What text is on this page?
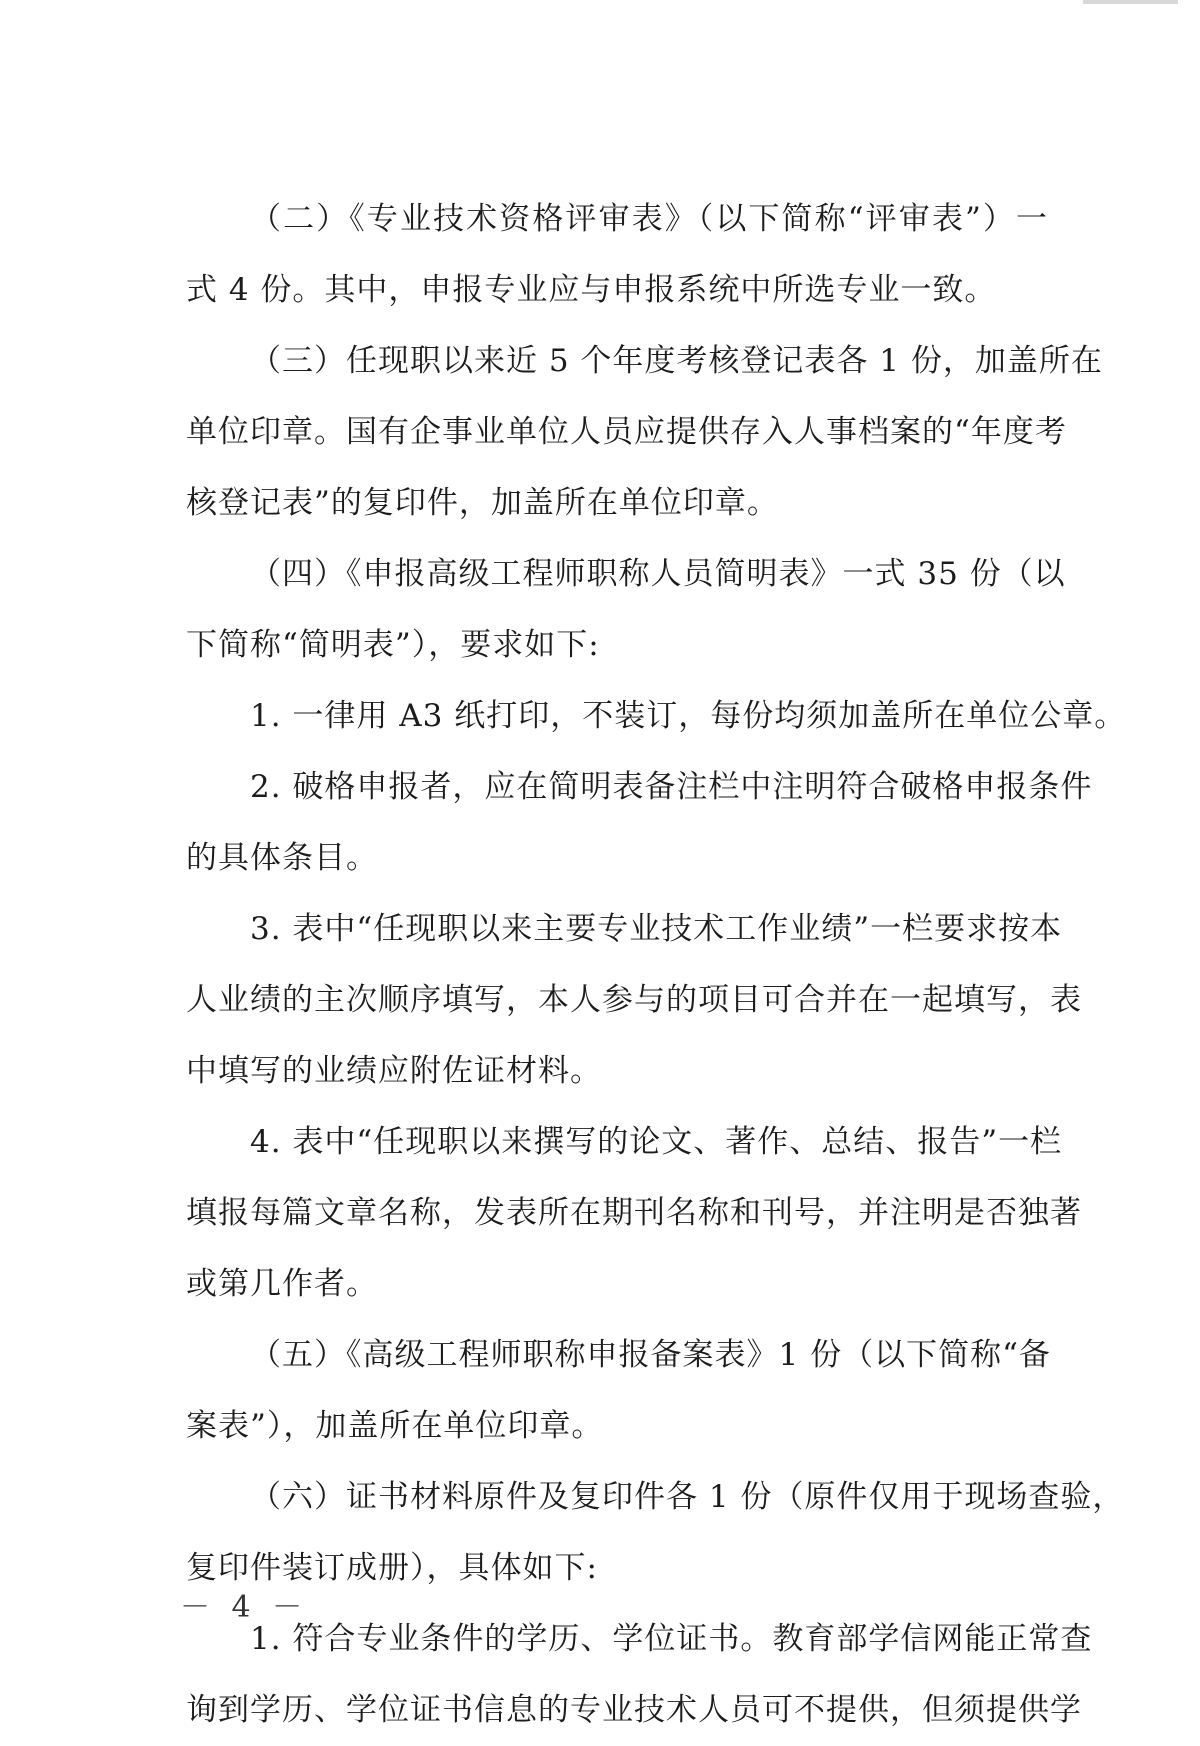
（二）《专业技术资格评审表》（以下简称“评审表”）一
式 4 份。其中，申报专业应与申报系统中所选专业一致。
（三）任现职以来近 5 个年度考核登记表各 1 份，加盖所在
单位印章。国有企事业单位人员应提供存入人事档案的“年度考
核登记表”的复印件，加盖所在单位印章。
（四）《申报高级工程师职称人员简明表》一式 35 份（以
下简称“简明表”），要求如下:
1. 一律用 A3 纸打印，不装订，每份均须加盖所在单位公章。
2. 破格申报者，应在简明表备注栏中注明符合破格申报条件
的具体条目。
3. 表中“任现职以来主要专业技术工作业绩”一栏要求按本
人业绩的主次顺序填写，本人参与的项目可合并在一起填写，表
中填写的业绩应附佐证材料。
4. 表中“任现职以来撰写的论文、著作、总结、报告”一栏
填报每篇文章名称，发表所在期刊名称和刊号，并注明是否独著
或第几作者。
（五）《高级工程师职称申报备案表》1 份（以下简称“备
案表”），加盖所在单位印章。
（六）证书材料原件及复印件各 1 份（原件仅用于现场查验，
复印件装订成册），具体如下:
1. 符合专业条件的学历、学位证书。教育部学信网能正常查
询到学历、学位证书信息的专业技术人员可不提供，但须提供学
－ 4 －
